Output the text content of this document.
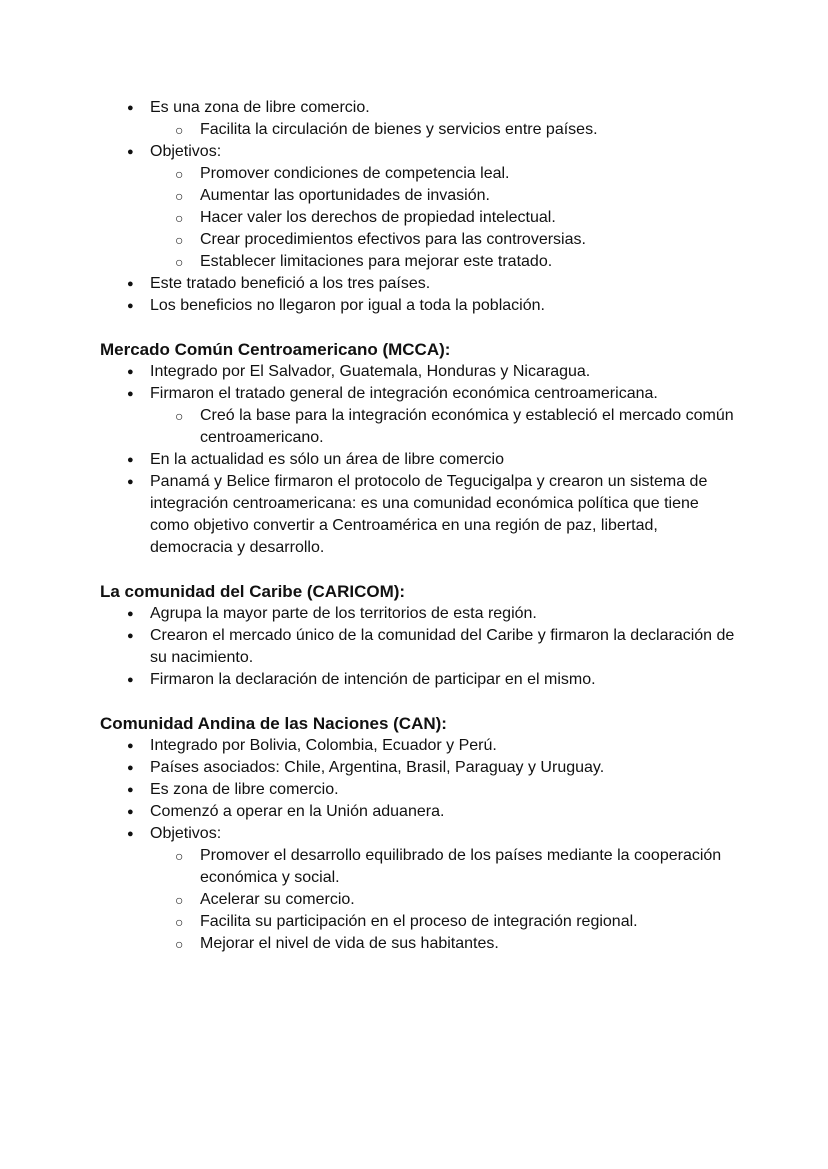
● Es una zona de libre comercio.
○ Facilita la circulación de bienes y servicios entre países.
● Objetivos:
○ Promover condiciones de competencia leal.
○ Aumentar las oportunidades de invasión.
○ Hacer valer los derechos de propiedad intelectual.
○ Crear procedimientos efectivos para las controversias.
○ Establecer limitaciones para mejorar este tratado.
● Este tratado benefició a los tres países.
● Los beneficios no llegaron por igual a toda la población.
Mercado Común Centroamericano (MCCA):
● Integrado por El Salvador, Guatemala, Honduras y Nicaragua.
● Firmaron el tratado general de integración económica centroamericana.
○ Creó la base para la integración económica y estableció el mercado común centroamericano.
● En la actualidad es sólo un área de libre comercio
● Panamá y Belice firmaron el protocolo de Tegucigalpa y crearon un sistema de integración centroamericana: es una comunidad económica política que tiene como objetivo convertir a Centroamérica en una región de paz, libertad, democracia y desarrollo.
La comunidad del Caribe (CARICOM):
● Agrupa la mayor parte de los territorios de esta región.
● Crearon el mercado único de la comunidad del Caribe y firmaron la declaración de su nacimiento.
● Firmaron la declaración de intención de participar en el mismo.
Comunidad Andina de las Naciones (CAN):
● Integrado por Bolivia, Colombia, Ecuador y Perú.
● Países asociados: Chile, Argentina, Brasil, Paraguay y Uruguay.
● Es zona de libre comercio.
● Comenzó a operar en la Unión aduanera.
● Objetivos:
○ Promover el desarrollo equilibrado de los países mediante la cooperación económica y social.
○ Acelerar su comercio.
○ Facilita su participación en el proceso de integración regional.
○ Mejorar el nivel de vida de sus habitantes.
